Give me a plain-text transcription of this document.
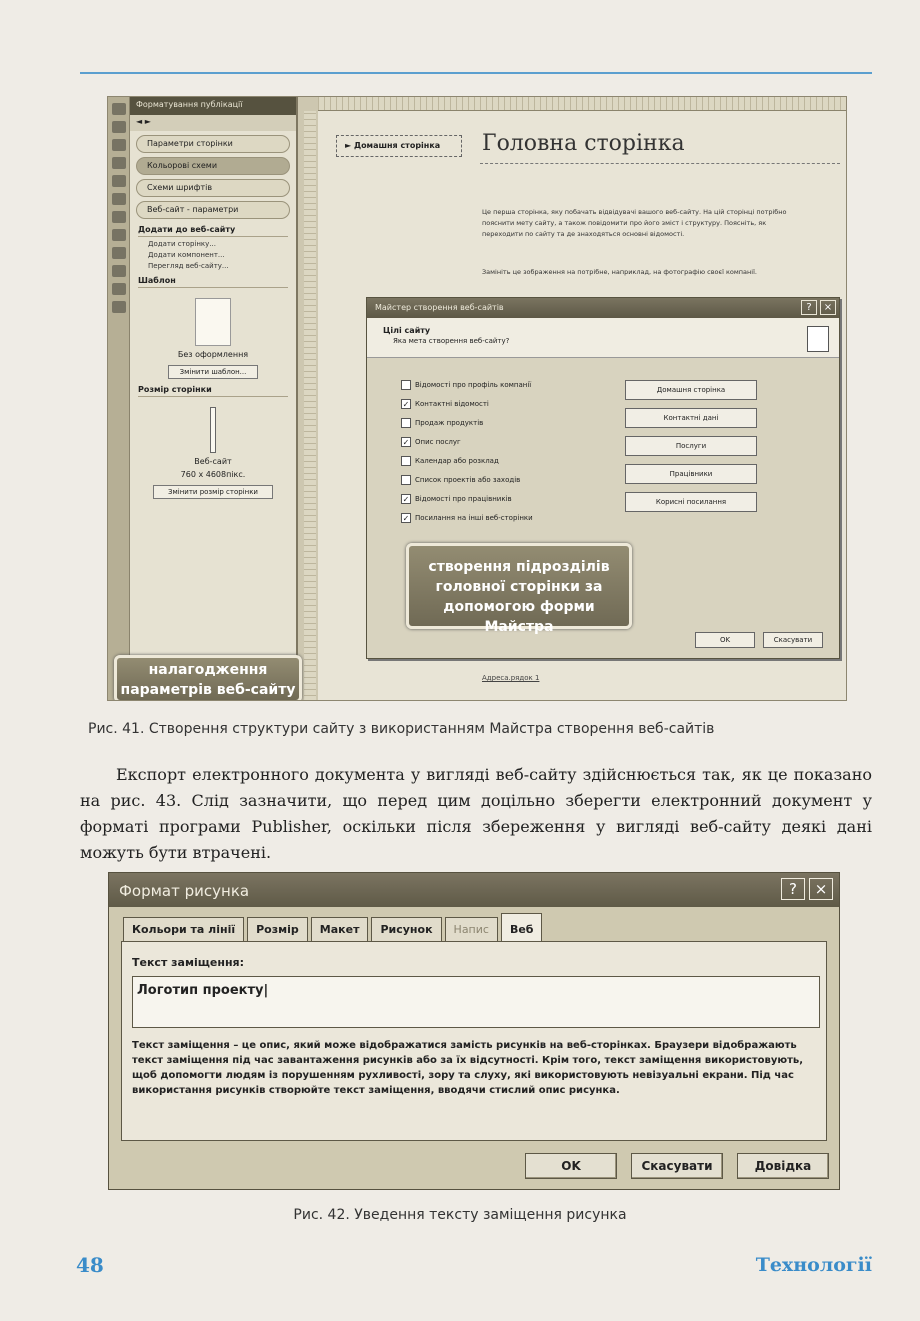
Форматування публікації
◄ ►
Параметри сторінки
Кольорові схеми
Схеми шрифтів
Веб-сайт - параметри
Додати до веб-сайту
Додати сторінку...
Додати компонент...
Перегляд веб-сайту...
Шаблон
Без оформлення
Змінити шаблон...
Розмір сторінки
Веб-сайт
760 x 4608пікс.
Змінити розмір сторінки
► Домашня сторінка	Головна сторінка
Це перша сторінка, яку побачать відвідувачі вашого веб-сайту. На цій сторінці потрібно пояснити мету сайту, а також повідомити про його зміст і структуру. Поясніть, як переходити по сайту та де знаходяться основні відомості.
Замініть це зображення на потрібне, наприклад, на фотографію своєї компанії.
Адреса.рядок 1
Майстер створення веб-сайтів	?	×
Цілі сайту
Яка мета створення веб-сайту?
Відомості про профіль компанії
✓ Контактні відомості
Продаж продуктів
✓ Опис послуг
Календар або розклад
Список проектів або заходів
✓ Відомості про працівників
✓ Посилання на інші веб-сторінки
Домашня сторінка
Контактні дані
Послуги
Працівники
Корисні посилання
OK	Скасувати
створення підрозділів головної сторінки за допомогою форми Майстра
налагодження параметрів веб-сайту
Рис. 41. Створення структури сайту з використанням Майстра створення веб-сайтів
Експорт електронного документа у вигляді веб-сайту здійснюється так, як це показано на рис. 43. Слід зазначити, що перед цим доцільно зберегти електронний документ у форматі програми Publisher, оскільки після збереження у вигляді веб-сайту деякі дані можуть бути втрачені.
Формат рисунка	?	×
Кольори та лінії	Розмір	Макет	Рисунок	Напис	Веб
Текст заміщення:
Логотип проекту|
Текст заміщення – це опис, який може відображатися замість рисунків на веб-сторінках. Браузери відображають текст заміщення під час завантаження рисунків або за їх відсутності. Крім того, текст заміщення використовують, щоб допомогти людям із порушенням рухливості, зору та слуху, які використовують невізуальні екрани. Під час використання рисунків створюйте текст заміщення, вводячи стислий опис рисунка.
OK	Скасувати	Довідка
Рис. 42. Уведення тексту заміщення рисунка
48	Технології
